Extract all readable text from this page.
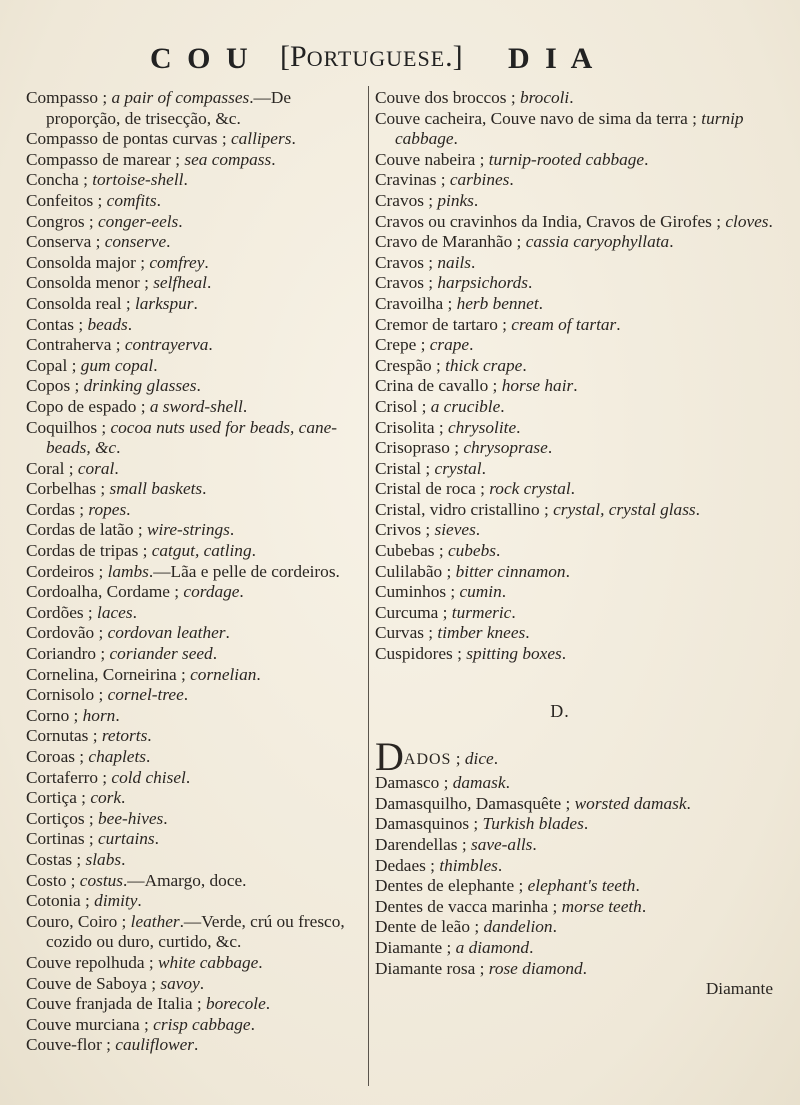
C O U [PORTUGUESE.] D I A

Compasso ; a pair of compasses.—De proporção, de trisecção, &c.

Compasso de pontas curvas ; callipers.

Compasso de marear ; sea compass.

Concha ; tortoise-shell.

Confeitos ; comfits.

Congros ; conger-eels.

Conserva ; conserve.

Consolda major ; comfrey.

Consolda menor ; selfheal.

Consolda real ; larkspur.

Contas ; beads.

Contraherva ; contrayerva.

Copal ; gum copal.

Copos ; drinking glasses.

Copo de espado ; a sword-shell.

Coquilhos ; cocoa nuts used for beads, cane-beads, &c.

Coral ; coral.

Corbelhas ; small baskets.

Cordas ; ropes.

Cordas de latão ; wire-strings.

Cordas de tripas ; catgut, catling.

Cordeiros ; lambs.—Lãa e pelle de cordeiros.

Cordoalha, Cordame ; cordage.

Cordões ; laces.

Cordovão ; cordovan leather.

Coriandro ; coriander seed.

Cornelina, Corneirina ; cornelian.

Cornisolo ; cornel-tree.

Corno ; horn.

Cornutas ; retorts.

Coroas ; chaplets.

Cortaferro ; cold chisel.

Cortiça ; cork.

Cortiços ; bee-hives.

Cortinas ; curtains.

Costas ; slabs.

Costo ; costus.—Amargo, doce.

Cotonia ; dimity.

Couro, Coiro ; leather.—Verde, crú ou fresco, cozido ou duro, curtido, &c.

Couve repolhuda ; white cabbage.

Couve de Saboya ; savoy.

Couve franjada de Italia ; borecole.

Couve murciana ; crisp cabbage.

Couve-flor ; cauliflower.

Couve dos broccos ; brocoli.

Couve cacheira, Couve navo de sima da terra ; turnip cabbage.

Couve nabeira ; turnip-rooted cabbage.

Cravinas ; carbines.

Cravos ; pinks.

Cravos ou cravinhos da India, Cravos de Girofes ; cloves.

Cravo de Maranhão ; cassia caryophyllata.

Cravos ; nails.

Cravos ; harpsichords.

Cravoilha ; herb bennet.

Cremor de tartaro ; cream of tartar.

Crepe ; crape.

Crespão ; thick crape.

Crina de cavallo ; horse hair.

Crisol ; a crucible.

Crisolita ; chrysolite.

Crisopraso ; chrysoprase.

Cristal ; crystal.

Cristal de roca ; rock crystal.

Cristal, vidro cristallino ; crystal, crystal glass.

Crivos ; sieves.

Cubebas ; cubebs.

Culilabão ; bitter cinnamon.

Cuminhos ; cumin.

Curcuma ; turmeric.

Curvas ; timber knees.

Cuspidores ; spitting boxes.

D.

DADOS ; dice.

Damasco ; damask.

Damasquilho, Damasquête ; worsted damask.

Damasquinos ; Turkish blades.

Darendellas ; save-alls.

Dedaes ; thimbles.

Dentes de elephante ; elephant's teeth.

Dentes de vacca marinha ; morse teeth.

Dente de leão ; dandelion.

Diamante ; a diamond.

Diamante rosa ; rose diamond.

Diamante
